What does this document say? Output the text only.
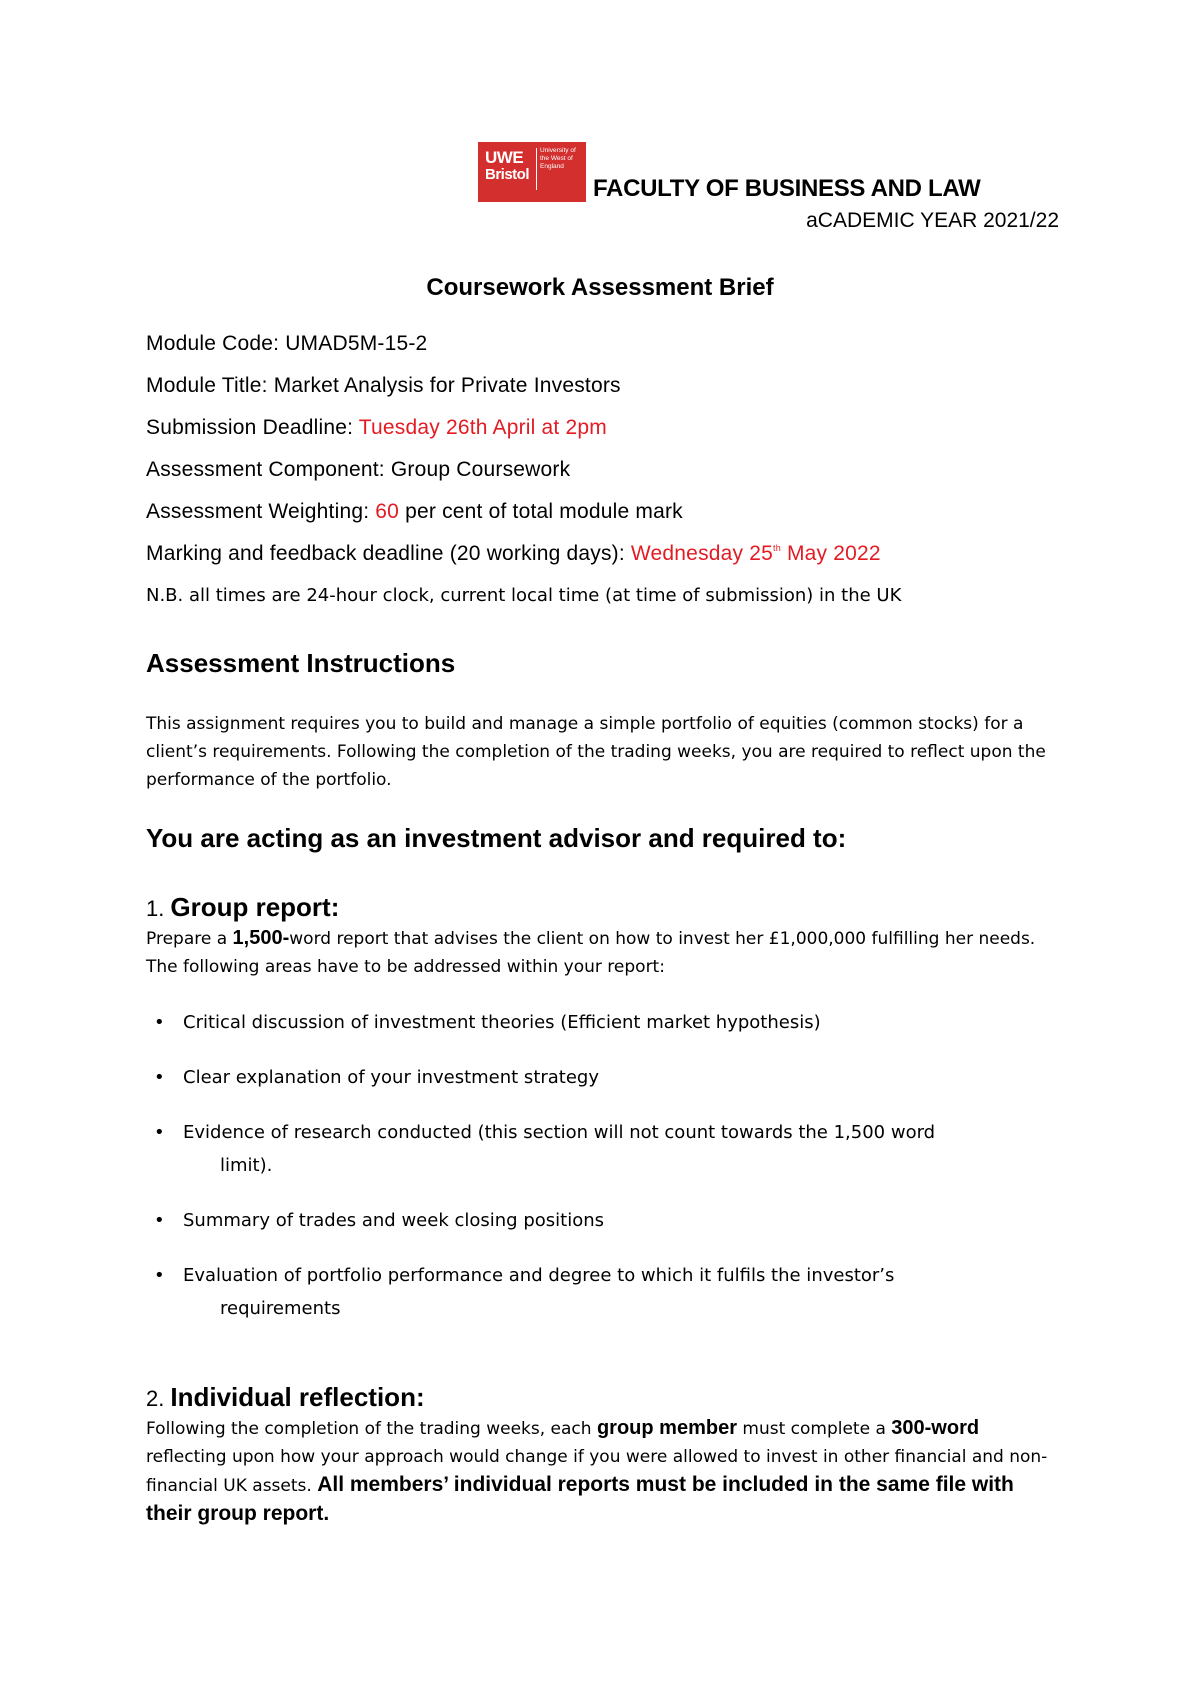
UWE
Bristol
University of the West of England
FACULTY OF BUSINESS AND LAW
aCADEMIC YEAR 2021/22
Coursework Assessment Brief
Module Code: UMAD5M-15-2
Module Title: Market Analysis for Private Investors
Submission Deadline: Tuesday 26th April at 2pm
Assessment Component: Group Coursework
Assessment Weighting: 60 per cent of total module mark
Marking and feedback deadline (20 working days): Wednesday 25th May 2022
N.B. all times are 24-hour clock, current local time (at time of submission) in the UK
Assessment Instructions
This assignment requires you to build and manage a simple portfolio of equities (common stocks) for a client’s requirements. Following the completion of the trading weeks, you are required to reflect upon the performance of the portfolio.
You are acting as an investment advisor and required to:
1. Group report:
Prepare a 1,500-word report that advises the client on how to invest her £1,000,000 fulfilling her needs. The following areas have to be addressed within your report:
• Critical discussion of investment theories (Efficient market hypothesis)
• Clear explanation of your investment strategy
• Evidence of research conducted (this section will not count towards the 1,500 word
limit).
• Summary of trades and week closing positions
• Evaluation of portfolio performance and degree to which it fulfils the investor’s
requirements
2. Individual reflection:
Following the completion of the trading weeks, each group member must complete a 300-word reflecting upon how your approach would change if you were allowed to invest in other financial and non-financial UK assets. All members’ individual reports must be included in the same file with their group report.
